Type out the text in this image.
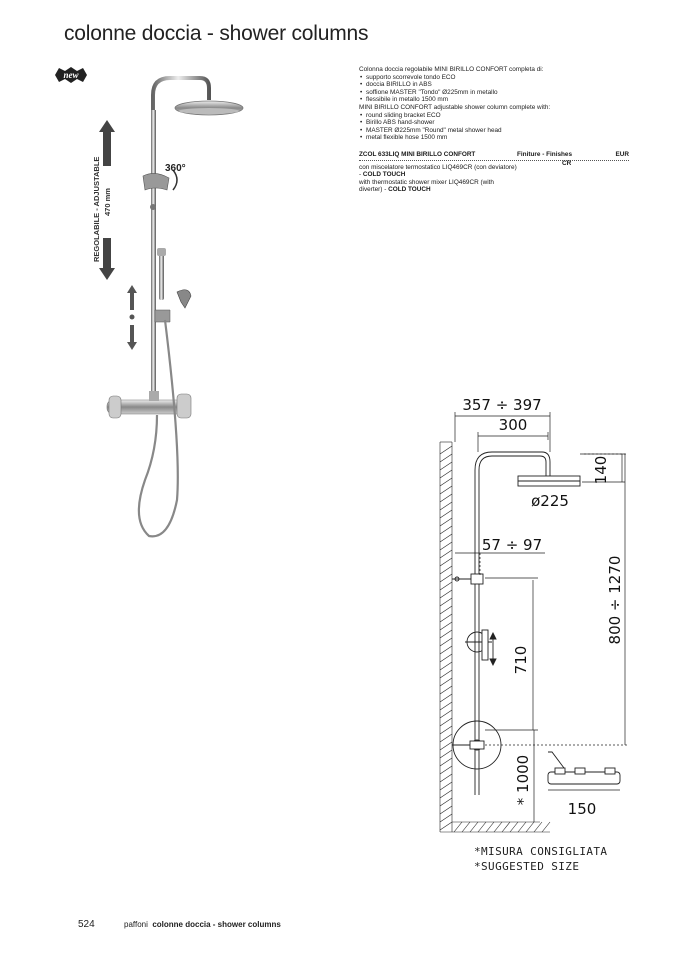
colonne doccia - shower columns
new
360°
REGOLABILE - ADJUSTABLE 470 mm
Colonna doccia regolabile MINI BIRILLO CONFORT completa di:
• supporto scorrevole tondo ECO
• doccia BIRILLO in ABS
• soffione MASTER "Tondo" Ø225mm in metallo
• flessibile in metallo 1500 mm
MINI BIRILLO CONFORT adjustable shower column complete with:
• round sliding bracket ECO
• Birillo ABS hand-shower
• MASTER Ø225mm "Round" metal shower head
• metal flexible hose 1500 mm
ZCOL 633LIQ MINI BIRILLO CONFORT	Finiture - Finishes	EUR
CR
con miscelatore termostatico LIQ469CR (con deviatore) - COLD TOUCH
with thermostatic shower mixer LIQ469CR (with diverter) - COLD TOUCH
357 ÷ 397
300
140
ø225
57 ÷ 97
800 ÷ 1270
710
* 1000
150
*MISURA CONSIGLIATA
*SUGGESTED SIZE
524	paffoni colonne doccia - shower columns
